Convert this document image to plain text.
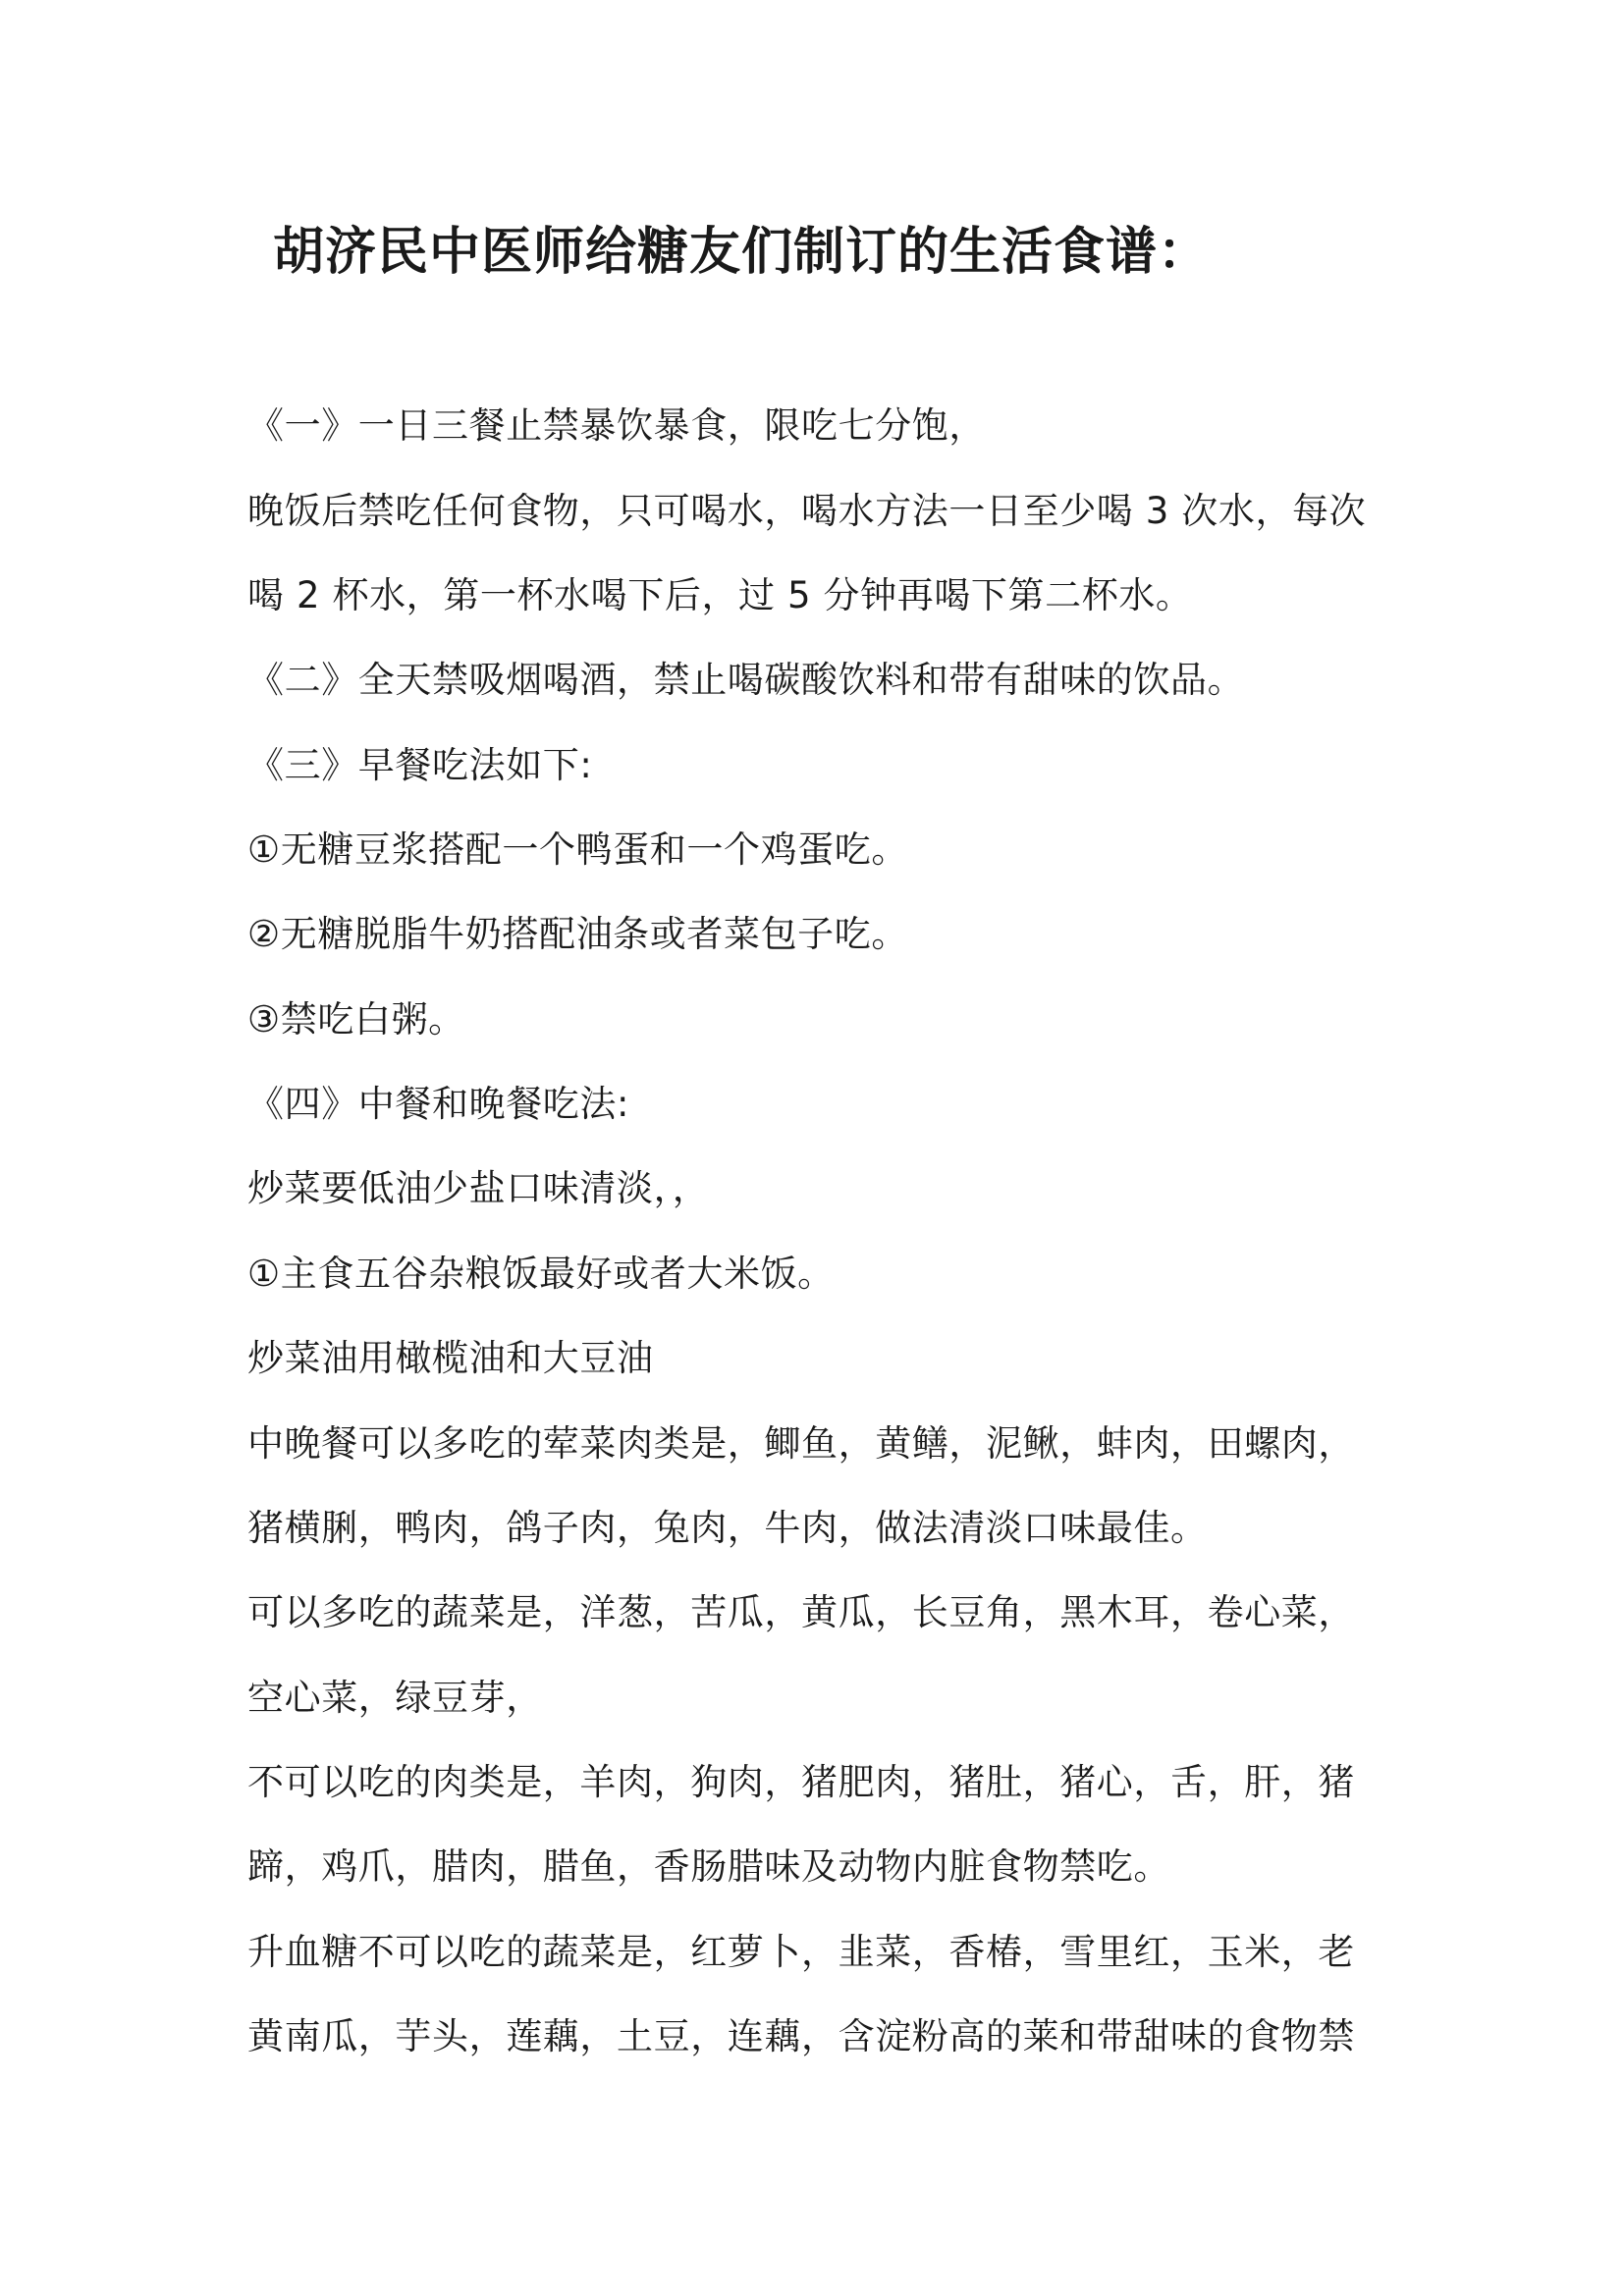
胡济民中医师给糖友们制订的生活食谱：
《一》一日三餐止禁暴饮暴食，限吃七分饱，
晚饭后禁吃任何食物，只可喝水，喝水方法一日至少喝 3 次水，每次
喝 2 杯水，第一杯水喝下后，过 5 分钟再喝下第二杯水。
《二》全天禁吸烟喝酒，禁止喝碳酸饮料和带有甜味的饮品。
《三》早餐吃法如下:
①无糖豆浆搭配一个鸭蛋和一个鸡蛋吃。
②无糖脱脂牛奶搭配油条或者菜包子吃。
③禁吃白粥。
《四》中餐和晚餐吃法:
炒菜要低油少盐口味清淡，，
①主食五谷杂粮饭最好或者大米饭。
炒菜油用橄榄油和大豆油
中晚餐可以多吃的荤菜肉类是，鲫鱼，黄鳝，泥鳅，蚌肉，田螺肉，
猪横脷，鸭肉，鸽子肉，兔肉，牛肉，做法清淡口味最佳。
可以多吃的蔬菜是，洋葱，苦瓜，黄瓜，长豆角，黑木耳，卷心菜，
空心菜，绿豆芽，
不可以吃的肉类是，羊肉，狗肉，猪肥肉，猪肚，猪心，舌，肝，猪
蹄，鸡爪，腊肉，腊鱼，香肠腊味及动物内脏食物禁吃。
升血糖不可以吃的蔬菜是，红萝卜，韭菜，香椿，雪里红，玉米，老
黄南瓜，芋头，莲藕，土豆，连藕，含淀粉高的莱和带甜味的食物禁
